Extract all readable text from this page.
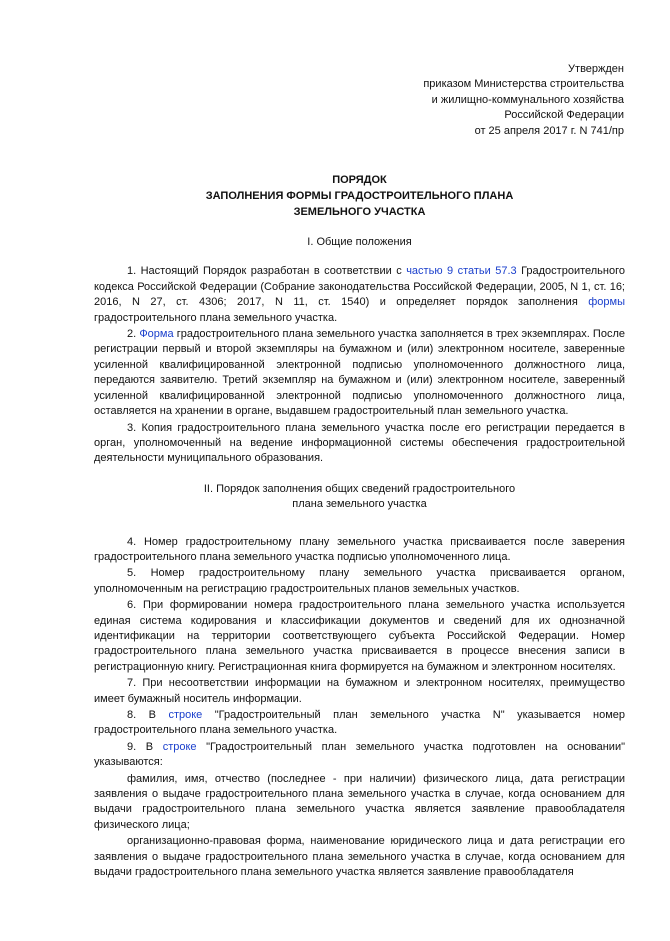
Утвержден
приказом Министерства строительства
и жилищно-коммунального хозяйства
Российской Федерации
от 25 апреля 2017 г. N 741/пр
ПОРЯДОК
ЗАПОЛНЕНИЯ ФОРМЫ ГРАДОСТРОИТЕЛЬНОГО ПЛАНА
ЗЕМЕЛЬНОГО УЧАСТКА
I. Общие положения

1. Настоящий Порядок разработан в соответствии с частью 9 статьи 57.3 Градостроительного кодекса Российской Федерации (Собрание законодательства Российской Федерации, 2005, N 1, ст. 16; 2016, N 27, ст. 4306; 2017, N 11, ст. 1540) и определяет порядок заполнения формы градостроительного плана земельного участка.

2. Форма градостроительного плана земельного участка заполняется в трех экземплярах. После регистрации первый и второй экземпляры на бумажном и (или) электронном носителе, заверенные усиленной квалифицированной электронной подписью уполномоченного должностного лица, передаются заявителю. Третий экземпляр на бумажном и (или) электронном носителе, заверенный усиленной квалифицированной электронной подписью уполномоченного должностного лица, оставляется на хранении в органе, выдавшем градостроительный план земельного участка.

3. Копия градостроительного плана земельного участка после его регистрации передается в орган, уполномоченный на ведение информационной системы обеспечения градостроительной деятельности муниципального образования.

II. Порядок заполнения общих сведений градостроительного
плана земельного участка

4. Номер градостроительному плану земельного участка присваивается после заверения градостроительного плана земельного участка подписью уполномоченного лица.

5. Номер градостроительному плану земельного участка присваивается органом, уполномоченным на регистрацию градостроительных планов земельных участков.

6. При формировании номера градостроительного плана земельного участка используется единая система кодирования и классификации документов и сведений для их однозначной идентификации на территории соответствующего субъекта Российской Федерации. Номер градостроительного плана земельного участка присваивается в процессе внесения записи в регистрационную книгу. Регистрационная книга формируется на бумажном и электронном носителях.

7. При несоответствии информации на бумажном и электронном носителях, преимущество имеет бумажный носитель информации.

8. В строке "Градостроительный план земельного участка N" указывается номер градостроительного плана земельного участка.

9. В строке "Градостроительный план земельного участка подготовлен на основании" указываются:

фамилия, имя, отчество (последнее - при наличии) физического лица, дата регистрации заявления о выдаче градостроительного плана земельного участка в случае, когда основанием для выдачи градостроительного плана земельного участка является заявление правообладателя физического лица;

организационно-правовая форма, наименование юридического лица и дата регистрации его заявления о выдаче градостроительного плана земельного участка в случае, когда основанием для выдачи градостроительного плана земельного участка является заявление правообладателя
